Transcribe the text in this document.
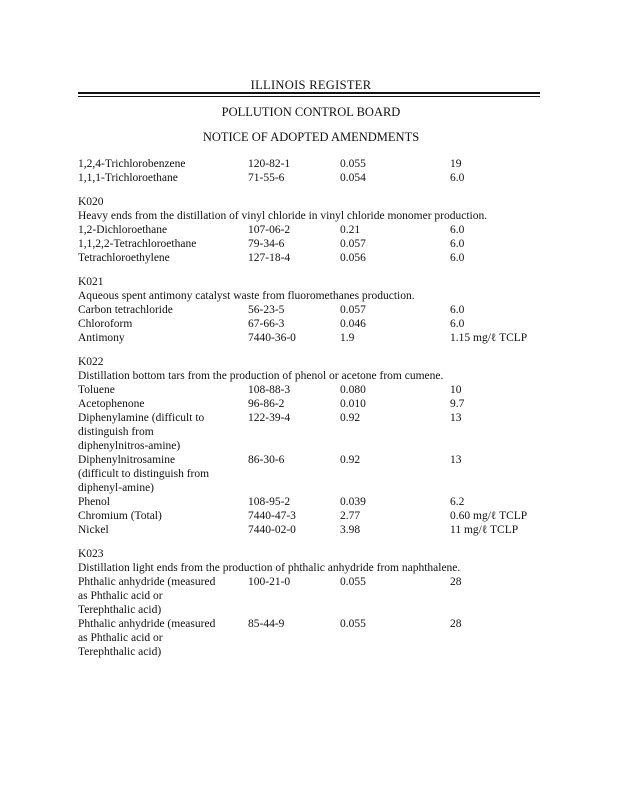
ILLINOIS REGISTER
POLLUTION CONTROL BOARD
NOTICE OF ADOPTED AMENDMENTS
1,2,4-Trichlorobenzene	120-82-1	0.055	19
1,1,1-Trichloroethane	71-55-6	0.054	6.0
K020
Heavy ends from the distillation of vinyl chloride in vinyl chloride monomer production.
1,2-Dichloroethane	107-06-2	0.21	6.0
1,1,2,2-Tetrachloroethane	79-34-6	0.057	6.0
Tetrachloroethylene	127-18-4	0.056	6.0
K021
Aqueous spent antimony catalyst waste from fluoromethanes production.
Carbon tetrachloride	56-23-5	0.057	6.0
Chloroform	67-66-3	0.046	6.0
Antimony	7440-36-0	1.9	1.15 mg/ℓ TCLP
K022
Distillation bottom tars from the production of phenol or acetone from cumene.
Toluene	108-88-3	0.080	10
Acetophenone	96-86-2	0.010	9.7
Diphenylamine (difficult to distinguish from diphenylnitros-amine)
122-39-4	0.92	13
Diphenylnitrosamine (difficult to distinguish from diphenyl-amine)
86-30-6	0.92	13
Phenol	108-95-2	0.039	6.2
Chromium (Total)	7440-47-3	2.77	0.60 mg/ℓ TCLP
Nickel	7440-02-0	3.98	11 mg/ℓ TCLP
K023
Distillation light ends from the production of phthalic anhydride from naphthalene.
Phthalic anhydride (measured as Phthalic acid or Terephthalic acid)
100-21-0	0.055	28
Phthalic anhydride (measured as Phthalic acid or Terephthalic acid)
85-44-9	0.055	28
